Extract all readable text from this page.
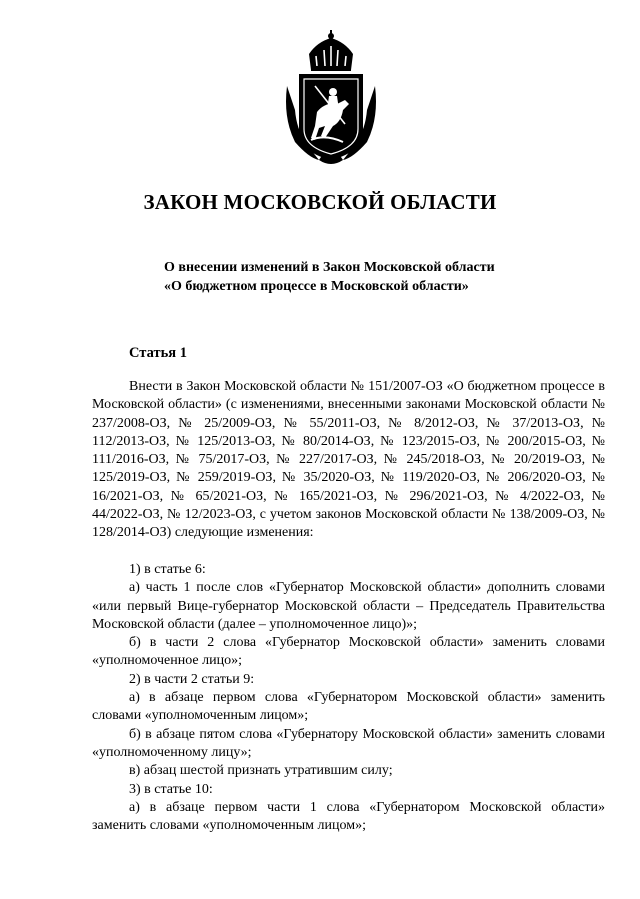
ЗАКОН МОСКОВСКОЙ ОБЛАСТИ
О внесении изменений в Закон Московской области
«О бюджетном процессе в Московской области»
Статья 1

Внести в Закон Московской области № 151/2007-ОЗ «О бюджетном процессе в Московской области» (с изменениями, внесенными законами Московской области № 237/2008-ОЗ, № 25/2009-ОЗ, № 55/2011-ОЗ, № 8/2012-ОЗ, № 37/2013-ОЗ, № 112/2013-ОЗ, № 125/2013-ОЗ, № 80/2014-ОЗ, № 123/2015-ОЗ, № 200/2015-ОЗ, № 111/2016-ОЗ, № 75/2017-ОЗ, № 227/2017-ОЗ, № 245/2018-ОЗ, № 20/2019-ОЗ, № 125/2019-ОЗ, № 259/2019-ОЗ, № 35/2020-ОЗ, № 119/2020-ОЗ, № 206/2020-ОЗ, № 16/2021-ОЗ, № 65/2021-ОЗ, № 165/2021-ОЗ, № 296/2021-ОЗ, № 4/2022-ОЗ, № 44/2022-ОЗ, № 12/2023-ОЗ, с учетом законов Московской области № 138/2009-ОЗ, № 128/2014-ОЗ) следующие изменения:

1) в статье 6:

а) часть 1 после слов «Губернатор Московской области» дополнить словами «или первый Вице-губернатор Московской области – Председатель Правительства Московской области (далее – уполномоченное лицо)»;

б) в части 2 слова «Губернатор Московской области» заменить словами «уполномоченное лицо»;

2) в части 2 статьи 9:

а) в абзаце первом слова «Губернатором Московской области» заменить словами «уполномоченным лицом»;

б) в абзаце пятом слова «Губернатору Московской области» заменить словами «уполномоченному лицу»;

в) абзац шестой признать утратившим силу;

3) в статье 10:

а) в абзаце первом части 1 слова «Губернатором Московской области» заменить словами «уполномоченным лицом»;
